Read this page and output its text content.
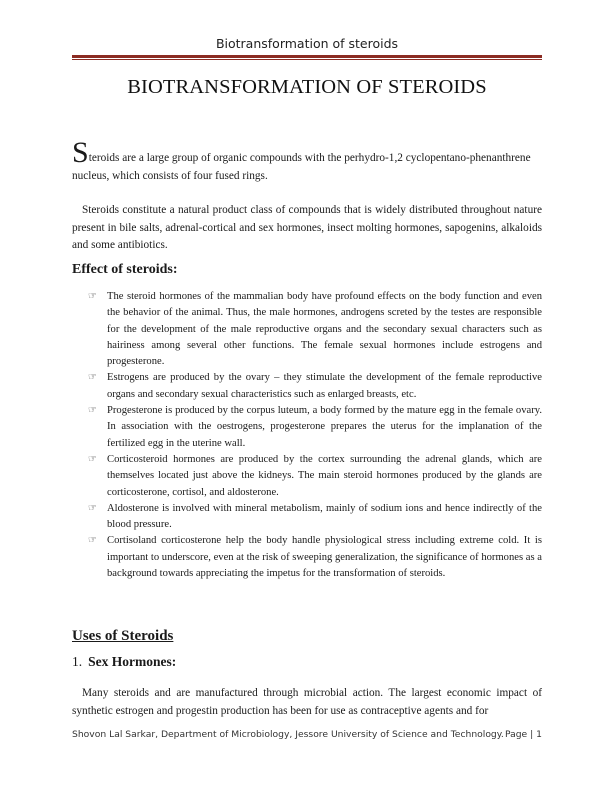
Biotransformation of steroids
BIOTRANSFORMATION OF STEROIDS
Steroids are a large group of organic compounds with the perhydro-1,2 cyclopentano-phenanthrene nucleus, which consists of four fused rings.
Steroids constitute a natural product class of compounds that is widely distributed throughout nature present in bile salts, adrenal-cortical and sex hormones, insect molting hormones, sapogenins, alkaloids and some antibiotics.
Effect of steroids:
☞ The steroid hormones of the mammalian body have profound effects on the body function and even the behavior of the animal. Thus, the male hormones, androgens screted by the testes are responsible for the development of the male reproductive organs and the secondary sexual characters such as hairiness among several other functions. The female sexual hormones include estrogens and progesterone.
☞ Estrogens are produced by the ovary – they stimulate the development of the female reproductive organs and secondary sexual characteristics such as enlarged breasts, etc.
☞ Progesterone is produced by the corpus luteum, a body formed by the mature egg in the female ovary. In association with the oestrogens, progesterone prepares the uterus for the implanation of the fertilized egg in the uterine wall.
☞ Corticosteroid hormones are produced by the cortex surrounding the adrenal glands, which are themselves located just above the kidneys. The main steroid hormones produced by the glands are corticosterone, cortisol, and aldosterone.
☞ Aldosterone is involved with mineral metabolism, mainly of sodium ions and hence indirectly of the blood pressure.
☞ Cortisoland corticosterone help the body handle physiological stress including extreme cold. It is important to underscore, even at the risk of sweeping generalization, the significance of hormones as a background towards appreciating the impetus for the transformation of steroids.
Uses of Steroids
1. Sex Hormones:
Many steroids and are manufactured through microbial action. The largest economic impact of synthetic estrogen and progestin production has been for use as contraceptive agents and for
Shovon Lal Sarkar, Department of Microbiology, Jessore University of Science and Technology. Page | 1
